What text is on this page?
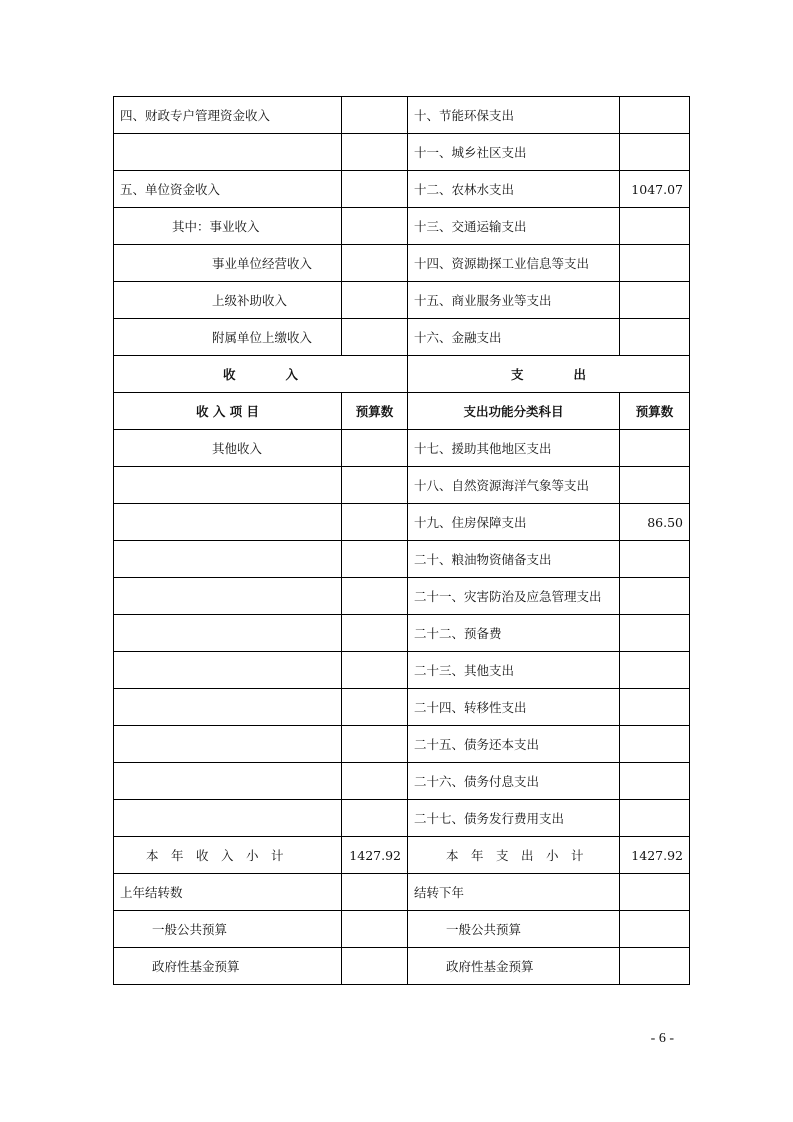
四、财政专户管理资金收入		十、节能环保支出	
		十一、城乡社区支出	
五、单位资金收入		十二、农林水支出	1047.07
其中：事业收入		十三、交通运输支出	
事业单位经营收入		十四、资源勘探工业信息等支出	
上级补助收入		十五、商业服务业等支出	
附属单位上缴收入		十六、金融支出	
收　　　　入		支　　　　出	
收 入 项 目	预算数	支出功能分类科目	预算数
其他收入		十七、援助其他地区支出	
		十八、自然资源海洋气象等支出	
		十九、住房保障支出	86.50
		二十、粮油物资储备支出	
		二十一、灾害防治及应急管理支出	
		二十二、预备费	
		二十三、其他支出	
		二十四、转移性支出	
		二十五、债务还本支出	
		二十六、债务付息支出	
		二十七、债务发行费用支出	
本　年　收　入　小　计	1427.92	本　年　支　出　小　计	1427.92
上年结转数		结转下年	
一般公共预算		一般公共预算	
政府性基金预算		政府性基金预算	
- 6 -
